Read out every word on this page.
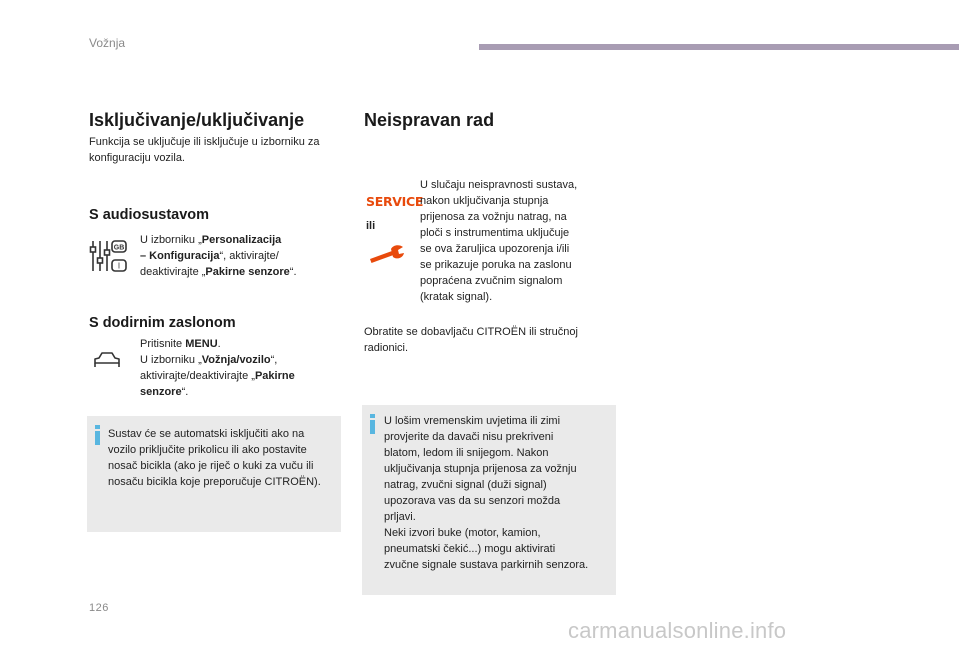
Vožnja
Isključivanje/uključivanje
Funkcija se uključuje ili isključuje u izborniku za konfiguraciju vozila.
S audiosustavom
GB
I
U izborniku „Personalizacija
– Konfiguracija“, aktivirajte/
deaktivirajte „Pakirne senzore“.
S dodirnim zaslonom
Pritisnite MENU.
U izborniku „Vožnja/vozilo“,
aktivirajte/deaktivirajte „Pakirne
senzore“.
Sustav će se automatski isključiti ako na
vozilo priključite prikolicu ili ako postavite
nosač bicikla (ako je riječ o kuki za vuču ili
nosaču bicikla koje preporučuje CITROËN).
Neispravan rad
SERVICE
ili
U slučaju neispravnosti sustava,
nakon uključivanja stupnja
prijenosa za vožnju natrag, na
ploči s instrumentima uključuje
se ova žaruljica upozorenja i/ili
se prikazuje poruka na zaslonu
popraćena zvučnim signalom
(kratak signal).
Obratite se dobavljaču CITROËN ili stručnoj
radionici.
U lošim vremenskim uvjetima ili zimi
provjerite da davači nisu prekriveni
blatom, ledom ili snijegom. Nakon
uključivanja stupnja prijenosa za vožnju
natrag, zvučni signal (duži signal)
upozorava vas da su senzori možda
prljavi.
Neki izvori buke (motor, kamion,
pneumatski čekić...) mogu aktivirati
zvučne signale sustava parkirnih senzora.
126
carmanualsonline.info
